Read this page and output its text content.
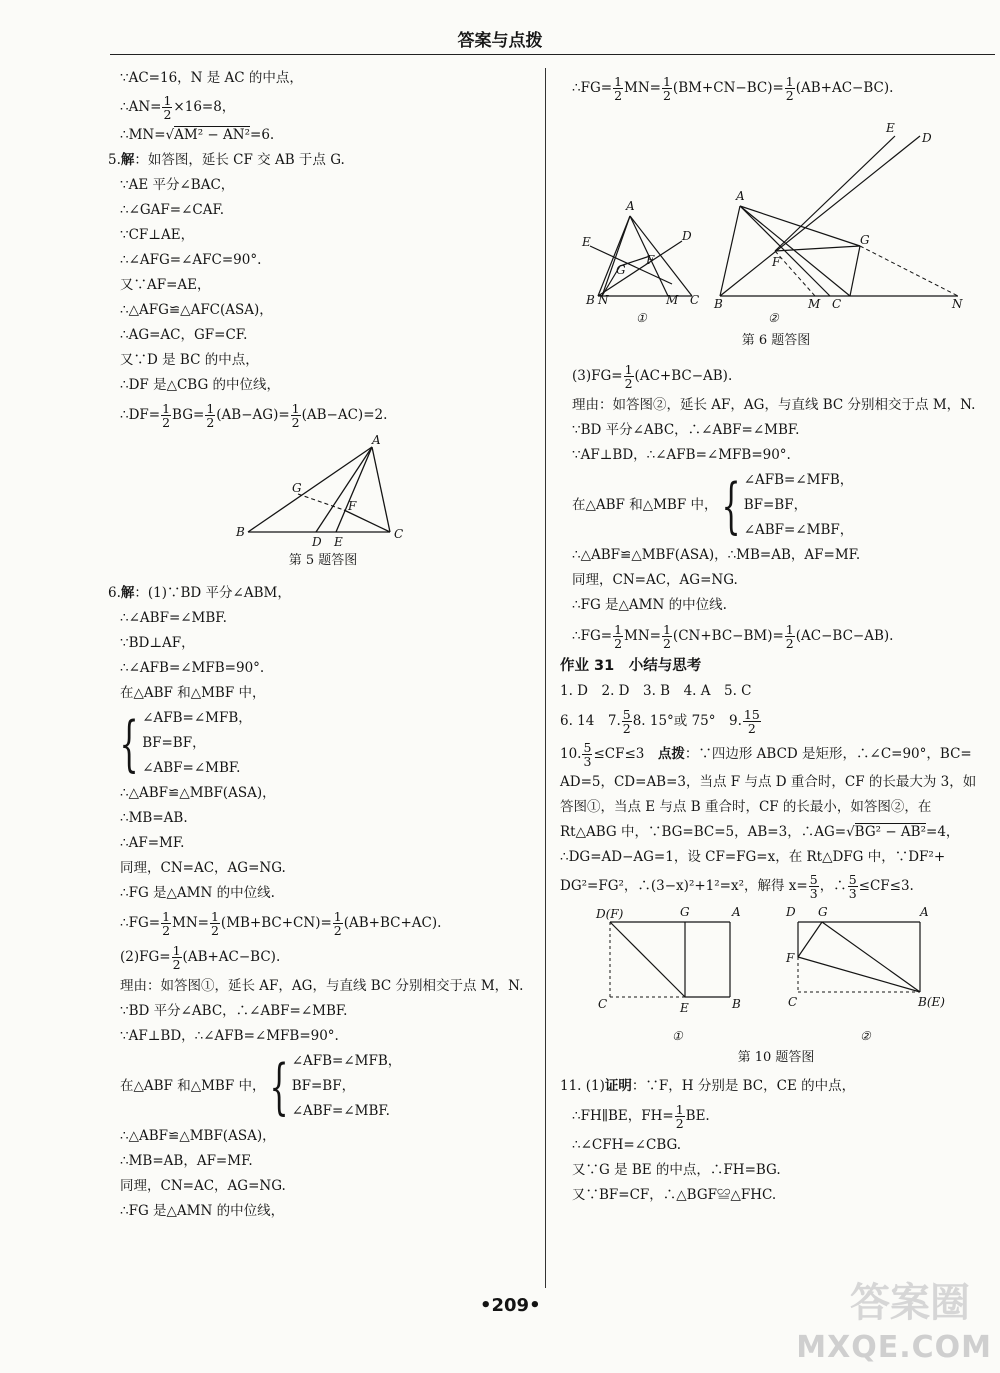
答案与点拨
∵AC=16，N 是 AC 的中点，
∴AN= $\frac{1}{2} \times 16=8$，
∴MN=√AM² − AN²=6.
5.解：如答图，延长 CF 交 AB 于点 G.
∵AE 平分∠BAC，
∴∠GAF=∠CAF.
∵CF⊥AE，
∴∠AFG=∠AFC=90°.
又∵AF=AE，
∴△AFG≌△AFC(ASA)，
∴AG=AC，GF=CF.
又∵D 是 BC 的中点，
∴DF 是△CBG 的中位线，
∴DF= $\frac{1}{2} BG= \frac{1}{2} (AB-AG)= \frac{1}{2} (AB-AC)=2$.
A
B	C
D E
F
G
第 5 题答图
6.解：(1)∵BD 平分∠ABM，
∴∠ABF=∠MBF.
∵BD⊥AF，
∴∠AFB=∠MFB=90°.
在△ABF 和△MBF 中，
{ ∠AFB=∠MFB，
BF=BF，
∠ABF=∠MBF.
∴△ABF≌△MBF(ASA)，
∴MB=AB.
∴AF=MF.
同理，CN=AC，AG=NG.
∴FG 是△AMN 的中位线.
∴FG= $\frac{1}{2} MN= \frac{1}{2} (MB+BC+CN)= \frac{1}{2} (AB+BC+AC)$.
$(2)FG= \frac{1}{2} (AB+AC-BC)$.
理由：如答图①，延长 AF，AG，与直线 BC 分别相交于点 M，N.
∵BD 平分∠ABC，∴∠ABF=∠MBF.
∵AF⊥BD，∴∠AFB=∠MFB=90°.
在△ABF 和△MBF 中，{ ∠AFB=∠MFB，
BF=BF，
∠ABF=∠MBF.
∴△ABF≌△MBF(ASA)，
∴MB=AB，AF=MF.
同理，CN=AC，AG=NG.
∴FG 是△AMN 的中位线，
∴FG= $\frac{1}{2} MN= \frac{1}{2} (BM+CN-BC)= \frac{1}{2} (AB+AC-BC)$.
A
B N	M C
E	D
F
G
①
A
B	M C	N
E
D
F
G
②
第 6 题答图
$(3)FG= \frac{1}{2} (AC+BC-AB)$.
理由：如答图②，延长 AF，AG，与直线 BC 分别相交于点 M，N.
∵BD 平分∠ABC，∴∠ABF=∠MBF.
∵AF⊥BD，∴∠AFB=∠MFB=90°.
在△ABF 和△MBF 中，{ ∠AFB=∠MFB，
BF=BF，
∠ABF=∠MBF，
∴△ABF≌△MBF(ASA)，∴MB=AB，AF=MF.
同理，CN=AC，AG=NG.
∴FG 是△AMN 的中位线.
∴FG= $\frac{1}{2} MN= \frac{1}{2} (CN+BC-BM)= \frac{1}{2} (AC-BC-AB)$.
作业 31　小结与思考
1. D　2. D　3. B　4. A　5. C
6. 14　7. $\frac{5}{2} 8$. 15°或 75°　9. $\frac{15}{2}$
10. $\frac{5}{3} \le CF\le 3$　点拨：∵四边形 ABCD 是矩形，∴∠C=90°，BC=
AD=5，CD=AB=3，当点 F 与点 D 重合时，CF 的长最大为 3，如
答图①，当点 E 与点 B 重合时，CF 的长最小，如答图②，在
Rt△ABG 中，∵BG=BC=5，AB=3，∴AG=√BG² − AB²=4，
∴DG=AD−AG=1，设 CF=FG=x，在 Rt△DFG 中，∵DF²+
DG²=FG²，∴(3−x)²+1²=x²，解得 $x= \frac{5}{3}$ ，∴ $\frac{5}{3} \le CF\le 3$.
D(F)	G	A
C	E	B
①
D G	A
F
C	B(E)
②
第 10 题答图
11. (1)证明：∵F，H 分别是 BC，CE 的中点，
∴FH∥BE，$FH= \frac{1}{2}$ BE.
∴∠CFH=∠CBG.
又∵G 是 BE 的中点，∴FH=BG.
又∵BF=CF，∴△BGF≌△FHC.
•209•	答案圈
MXQE.COM
